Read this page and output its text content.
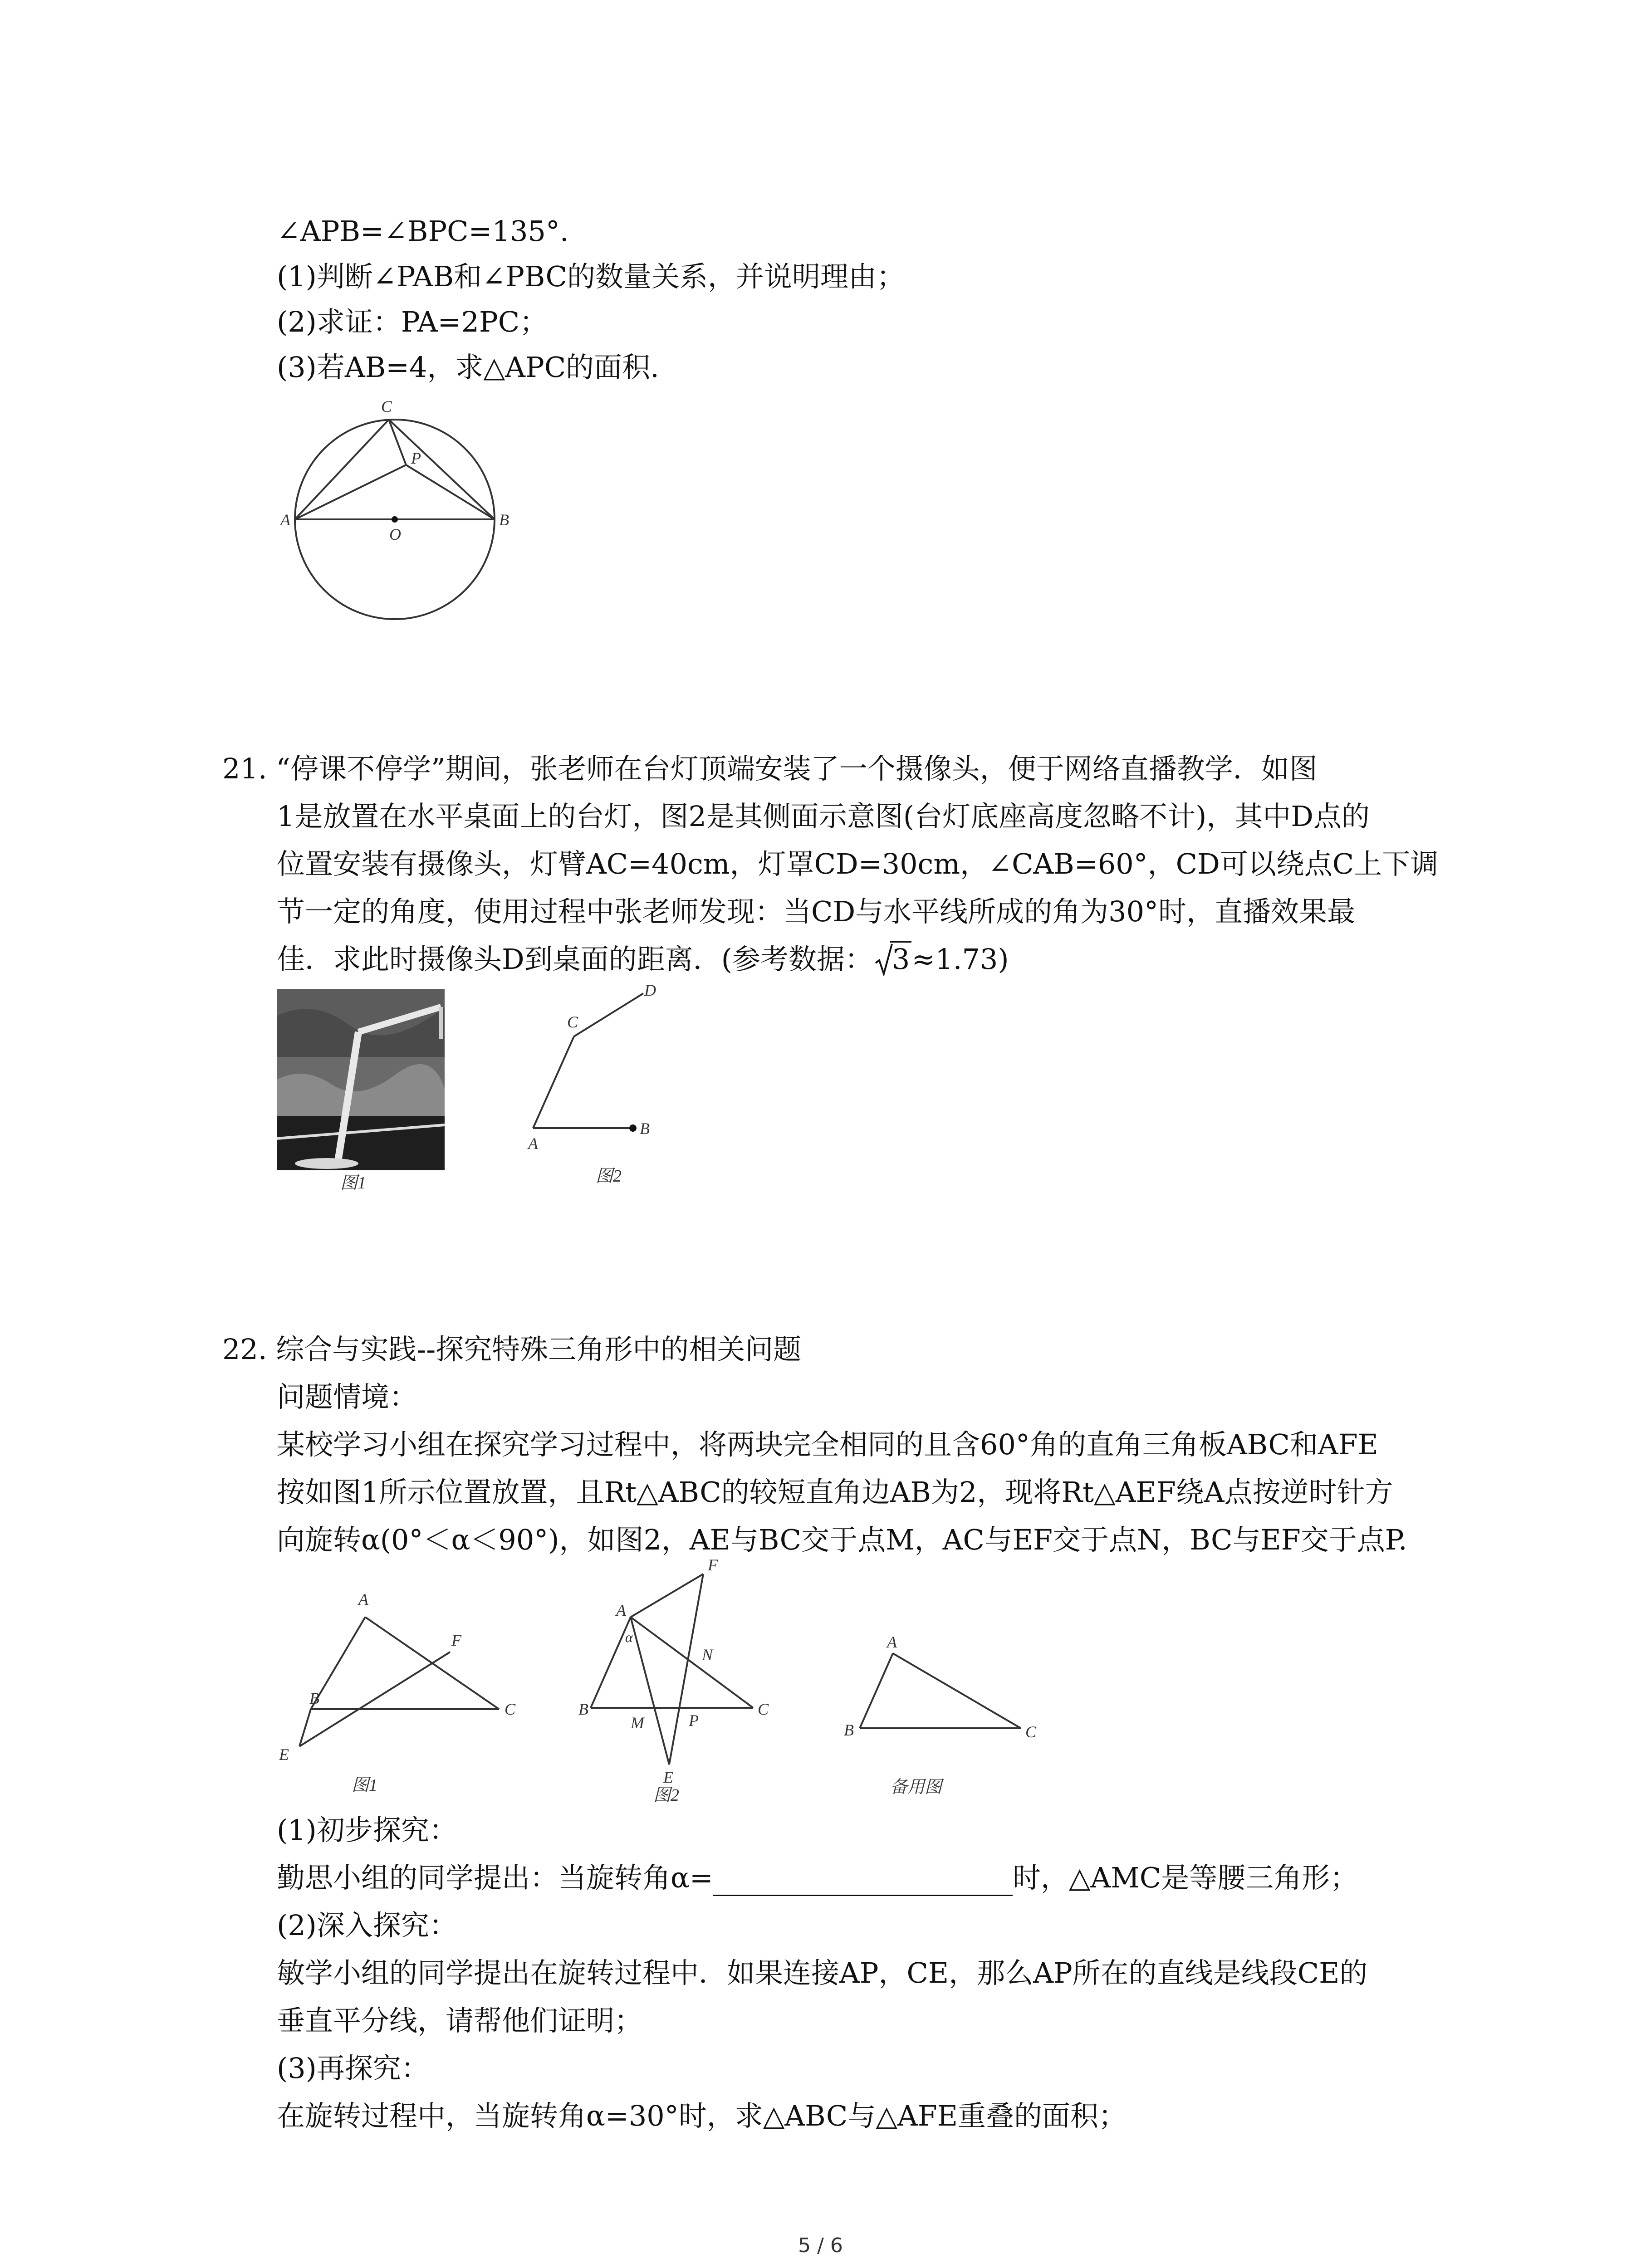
∠APB=∠BPC=135°.
(1)判断∠PAB和∠PBC的数量关系，并说明理由；
(2)求证：PA=2PC；
(3)若AB=4，求△APC的面积.
C
P
A
O
B
21. “停课不停学”期间，张老师在台灯顶端安装了一个摄像头，便于网络直播教学．如图
1是放置在水平桌面上的台灯，图2是其侧面示意图(台灯底座高度忽略不计)，其中D点的
位置安装有摄像头，灯臂AC=40cm，灯罩CD=30cm，∠CAB=60°，CD可以绕点C上下调
节一定的角度，使用过程中张老师发现：当CD与水平线所成的角为30°时，直播效果最
佳．求此时摄像头D到桌面的距离．(参考数据： 3≈1.73)
C
D
A
B
图2
图1
22. 综合与实践--探究特殊三角形中的相关问题
问题情境：
某校学习小组在探究学习过程中，将两块完全相同的且含60°角的直角三角板ABC和AFE
按如图1所示位置放置，且Rt△ABC的较短直角边AB为2，现将Rt△AEF绕A点按逆时针方
向旋转α(0°＜α＜90°)，如图2，AE与BC交于点M，AC与EF交于点N，BC与EF交于点P.
A
F
B
C
E
图1
A
F
α
N
B
M	P
C
E
图2
A
B	C
备用图
(1)初步探究：
勤思小组的同学提出：当旋转角α=	时，△AMC是等腰三角形；
(2)深入探究：
敏学小组的同学提出在旋转过程中．如果连接AP，CE，那么AP所在的直线是线段CE的
垂直平分线，请帮他们证明；
(3)再探究：
在旋转过程中，当旋转角α=30°时，求△ABC与△AFE重叠的面积；
5 / 6
